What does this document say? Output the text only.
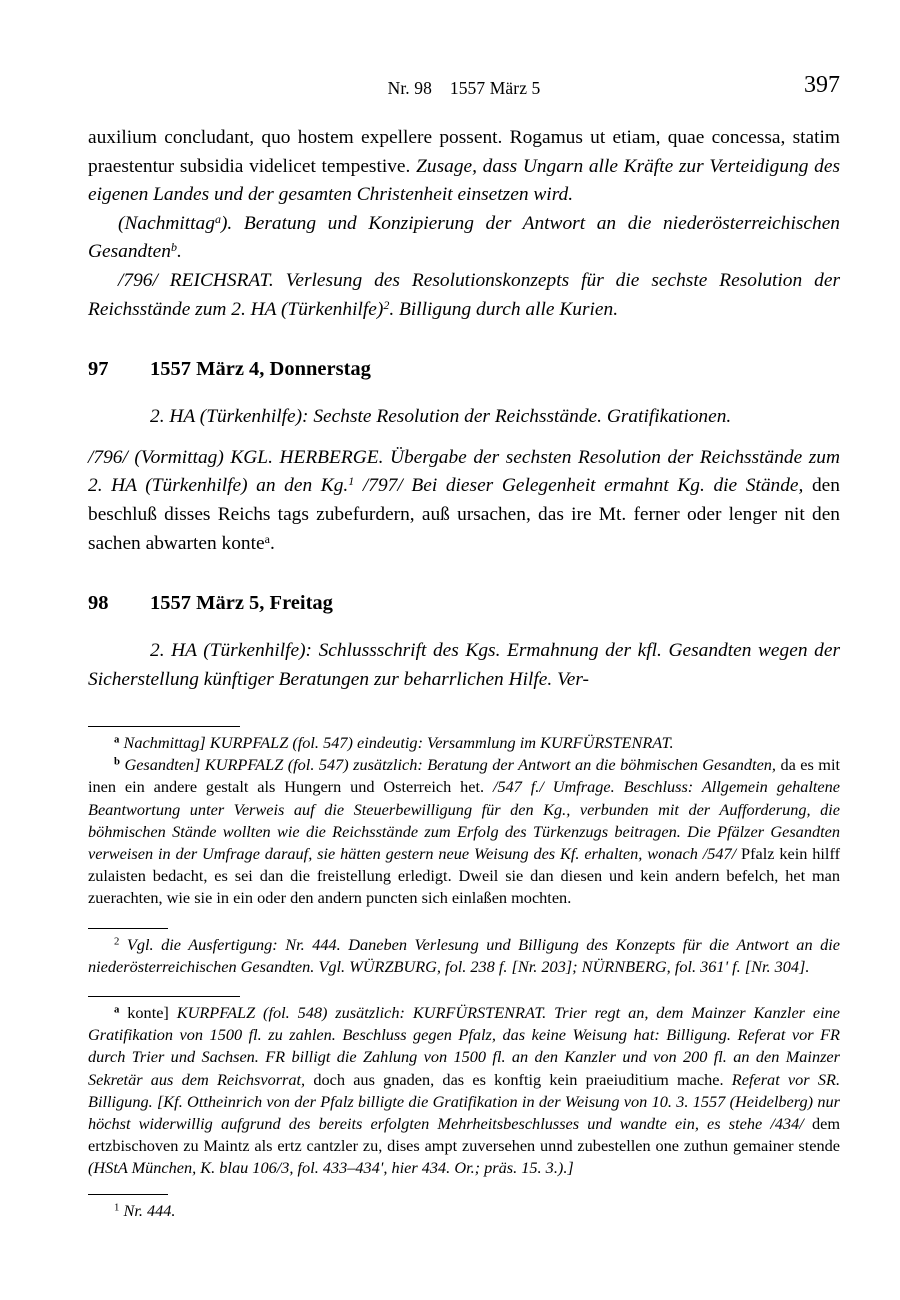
Nr. 98    1557 März 5	397

auxilium concludant, quo hostem expellere possent. Rogamus ut etiam, quae concessa, statim praestentur subsidia videlicet tempestive. Zusage, dass Ungarn alle Kräfte zur Verteidigung des eigenen Landes und der gesamten Christenheit einsetzen wird.

(Nachmittag$^a$). Beratung und Konzipierung der Antwort an die niederösterreichischen Gesandten$^b$.

/796/ REICHSRAT. Verlesung des Resolutionskonzepts für die sechste Resolution der Reichsstände zum 2. HA (Türkenhilfe)$^2$. Billigung durch alle Kurien.

97	1557 März 4, Donnerstag

2. HA (Türkenhilfe): Sechste Resolution der Reichsstände. Gratifikationen.

/796/ (Vormittag) KGL. HERBERGE. Übergabe der sechsten Resolution der Reichsstände zum 2. HA (Türkenhilfe) an den Kg.$^1$ /797/ Bei dieser Gelegenheit ermahnt Kg. die Stände, den beschluß disses Reichs tags zubefurdern, auß ursachen, das ire Mt. ferner oder lenger nit den sachen abwarten konte$^a$.

98	1557 März 5, Freitag

2. HA (Türkenhilfe): Schlussschrift des Kgs. Ermahnung der kfl. Gesandten wegen der Sicherstellung künftiger Beratungen zur beharrlichen Hilfe. Ver-

$^a$ Nachmittag] KURPFALZ (fol. 547) eindeutig: Versammlung im KURFÜRSTENRAT.

$^b$ Gesandten] KURPFALZ (fol. 547) zusätzlich: Beratung der Antwort an die böhmischen Gesandten, da es mit inen ein andere gestalt als Hungern und Osterreich het. /547 f./ Umfrage. Beschluss: Allgemein gehaltene Beantwortung unter Verweis auf die Steuerbewilligung für den Kg., verbunden mit der Aufforderung, die böhmischen Stände wollten wie die Reichsstände zum Erfolg des Türkenzugs beitragen. Die Pfälzer Gesandten verweisen in der Umfrage darauf, sie hätten gestern neue Weisung des Kf. erhalten, wonach /547/ Pfalz kein hilff zulaisten bedacht, es sei dan die freistellung erledigt. Dweil sie dan diesen und kein andern befelch, het man zuerachten, wie sie in ein oder den andern puncten sich einlaßen mochten.

$^2$ Vgl. die Ausfertigung: Nr. 444. Daneben Verlesung und Billigung des Konzepts für die Antwort an die niederösterreichischen Gesandten. Vgl. WÜRZBURG, fol. 238 f. [Nr. 203]; NÜRNBERG, fol. 361' f. [Nr. 304].

$^a$ konte] KURPFALZ (fol. 548) zusätzlich: KURFÜRSTENRAT. Trier regt an, dem Mainzer Kanzler eine Gratifikation von 1500 fl. zu zahlen. Beschluss gegen Pfalz, das keine Weisung hat: Billigung. Referat vor FR durch Trier und Sachsen. FR billigt die Zahlung von 1500 fl. an den Kanzler und von 200 fl. an den Mainzer Sekretär aus dem Reichsvorrat, doch aus gnaden, das es konftig kein praeiuditium mache. Referat vor SR. Billigung. [Kf. Ottheinrich von der Pfalz billigte die Gratifikation in der Weisung von 10. 3. 1557 (Heidelberg) nur höchst widerwillig aufgrund des bereits erfolgten Mehrheitsbeschlusses und wandte ein, es stehe /434/ dem ertzbischoven zu Maintz als ertz cantzler zu, dises ampt zuversehen unnd zubestellen one zuthun gemainer stende (HStA München, K. blau 106/3, fol. 433–434', hier 434. Or.; präs. 15. 3.).]

$^1$ Nr. 444.
